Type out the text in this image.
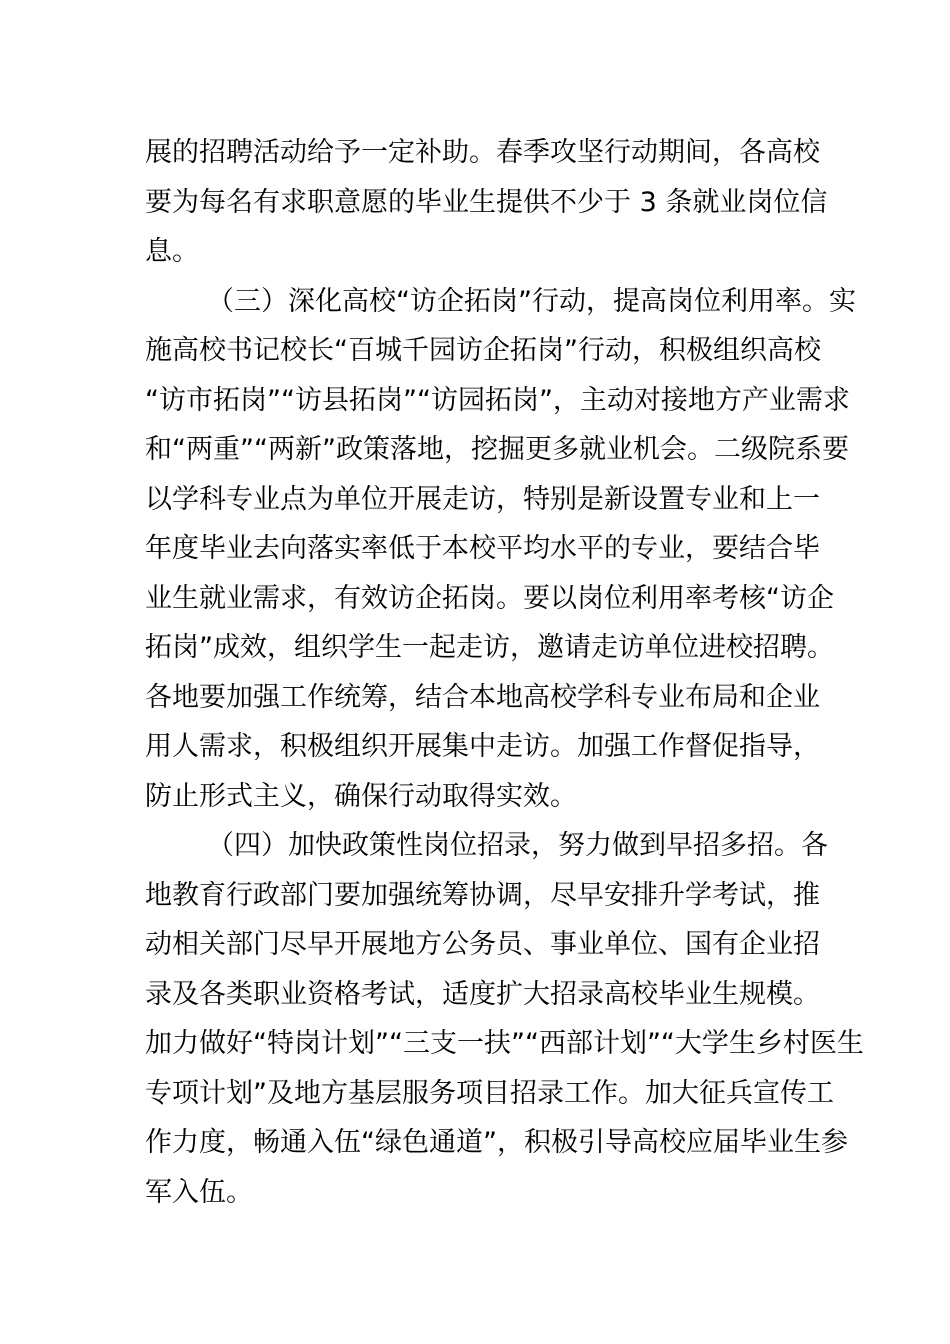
展的招聘活动给予一定补助。春季攻坚行动期间，各高校
要为每名有求职意愿的毕业生提供不少于 3 条就业岗位信
息。
（三）深化高校“访企拓岗”行动，提高岗位利用率。实
施高校书记校长“百城千园访企拓岗”行动，积极组织高校
“访市拓岗”“访县拓岗”“访园拓岗”，主动对接地方产业需求
和“两重”“两新”政策落地，挖掘更多就业机会。二级院系要
以学科专业点为单位开展走访，特别是新设置专业和上一
年度毕业去向落实率低于本校平均水平的专业，要结合毕
业生就业需求，有效访企拓岗。要以岗位利用率考核“访企
拓岗”成效，组织学生一起走访，邀请走访单位进校招聘。
各地要加强工作统筹，结合本地高校学科专业布局和企业
用人需求，积极组织开展集中走访。加强工作督促指导，
防止形式主义，确保行动取得实效。
（四）加快政策性岗位招录，努力做到早招多招。各
地教育行政部门要加强统筹协调，尽早安排升学考试，推
动相关部门尽早开展地方公务员、事业单位、国有企业招
录及各类职业资格考试，适度扩大招录高校毕业生规模。
加力做好“特岗计划”“三支一扶”“西部计划”“大学生乡村医生
专项计划”及地方基层服务项目招录工作。加大征兵宣传工
作力度，畅通入伍“绿色通道”，积极引导高校应届毕业生参
军入伍。
